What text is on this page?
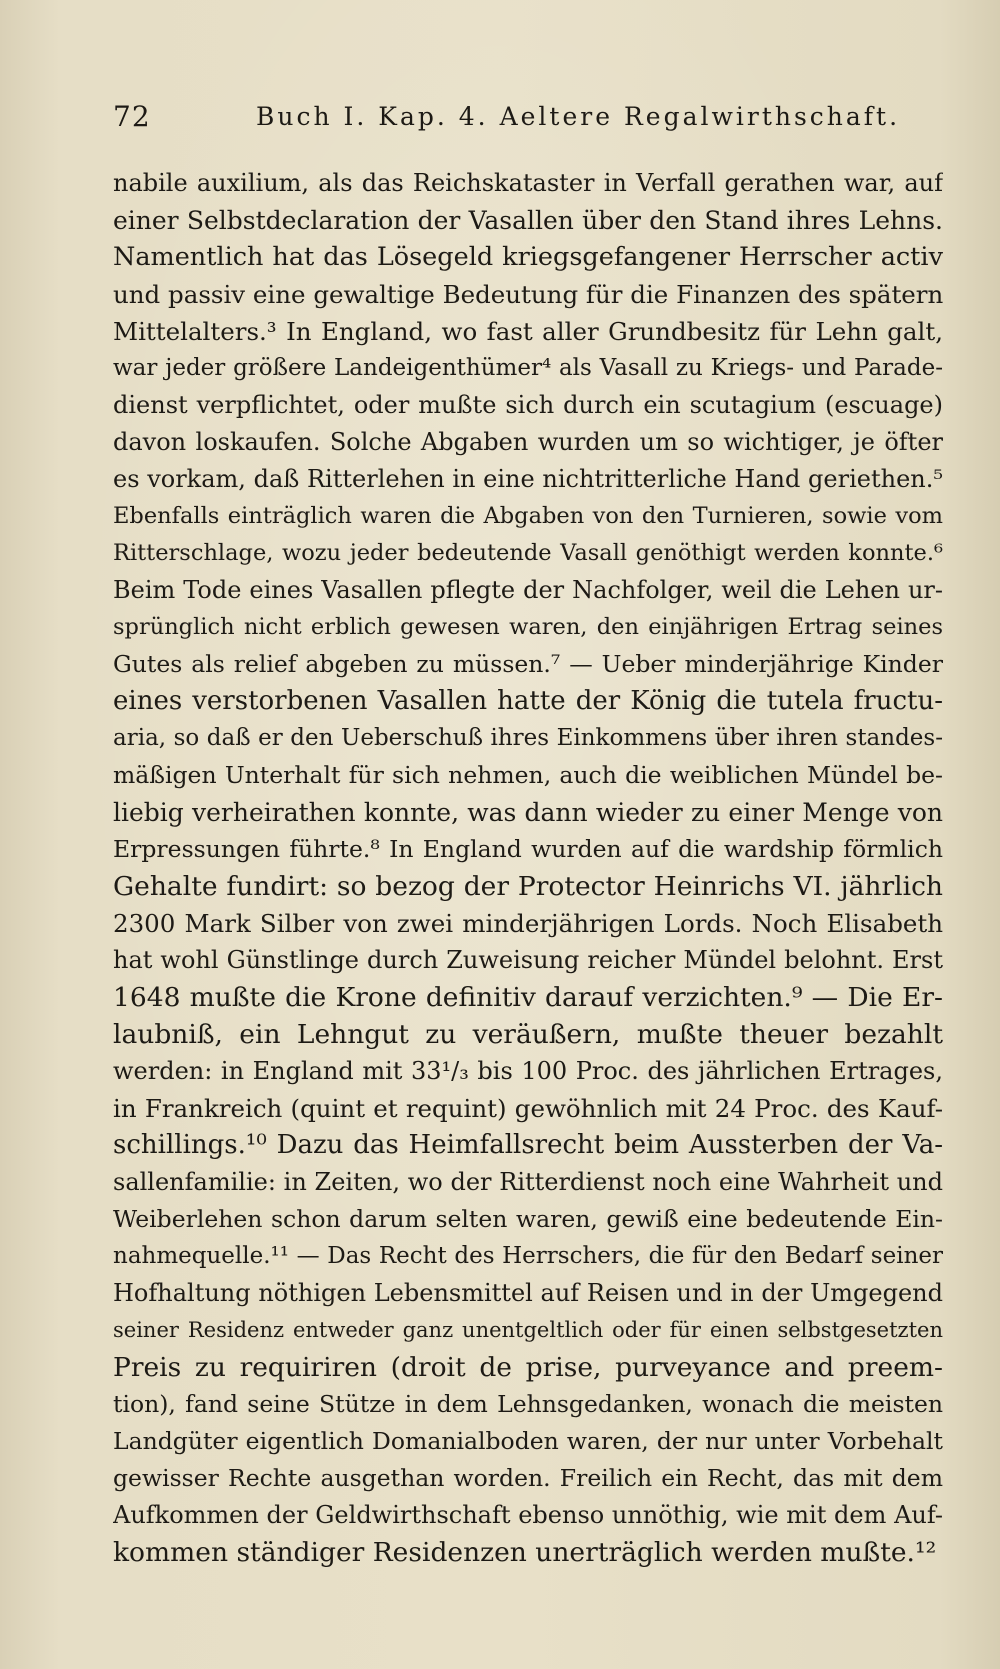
72	Buch I. Kap. 4. Aeltere Regalwirthschaft.
nabile auxilium, als das Reichskataster in Verfall gerathen war, auf
einer Selbstdeclaration der Vasallen über den Stand ihres Lehns.
Namentlich hat das Lösegeld kriegsgefangener Herrscher activ
und passiv eine gewaltige Bedeutung für die Finanzen des spätern
Mittelalters.³ In England, wo fast aller Grundbesitz für Lehn galt,
war jeder größere Landeigenthümer⁴ als Vasall zu Kriegs- und Parade-
dienst verpflichtet, oder mußte sich durch ein scutagium (escuage)
davon loskaufen. Solche Abgaben wurden um so wichtiger, je öfter
es vorkam, daß Ritterlehen in eine nichtritterliche Hand geriethen.⁵
Ebenfalls einträglich waren die Abgaben von den Turnieren, sowie vom
Ritterschlage, wozu jeder bedeutende Vasall genöthigt werden konnte.⁶
Beim Tode eines Vasallen pflegte der Nachfolger, weil die Lehen ur-
sprünglich nicht erblich gewesen waren, den einjährigen Ertrag seines
Gutes als relief abgeben zu müssen.⁷ — Ueber minderjährige Kinder
eines verstorbenen Vasallen hatte der König die tutela fructu-
aria, so daß er den Ueberschuß ihres Einkommens über ihren standes-
mäßigen Unterhalt für sich nehmen, auch die weiblichen Mündel be-
liebig verheirathen konnte, was dann wieder zu einer Menge von
Erpressungen führte.⁸ In England wurden auf die wardship förmlich
Gehalte fundirt: so bezog der Protector Heinrichs VI. jährlich
2300 Mark Silber von zwei minderjährigen Lords. Noch Elisabeth
hat wohl Günstlinge durch Zuweisung reicher Mündel belohnt. Erst
1648 mußte die Krone definitiv darauf verzichten.⁹ — Die Er-
laubniß, ein Lehngut zu veräußern, mußte theuer bezahlt
werden: in England mit 33¹/₃ bis 100 Proc. des jährlichen Ertrages,
in Frankreich (quint et requint) gewöhnlich mit 24 Proc. des Kauf-
schillings.¹⁰ Dazu das Heimfallsrecht beim Aussterben der Va-
sallenfamilie: in Zeiten, wo der Ritterdienst noch eine Wahrheit und
Weiberlehen schon darum selten waren, gewiß eine bedeutende Ein-
nahmequelle.¹¹ — Das Recht des Herrschers, die für den Bedarf seiner
Hofhaltung nöthigen Lebensmittel auf Reisen und in der Umgegend
seiner Residenz entweder ganz unentgeltlich oder für einen selbstgesetzten
Preis zu requiriren (droit de prise, purveyance and preem-
tion), fand seine Stütze in dem Lehnsgedanken, wonach die meisten
Landgüter eigentlich Domanialboden waren, der nur unter Vorbehalt
gewisser Rechte ausgethan worden. Freilich ein Recht, das mit dem
Aufkommen der Geldwirthschaft ebenso unnöthig, wie mit dem Auf-
kommen ständiger Residenzen unerträglich werden mußte.¹²
